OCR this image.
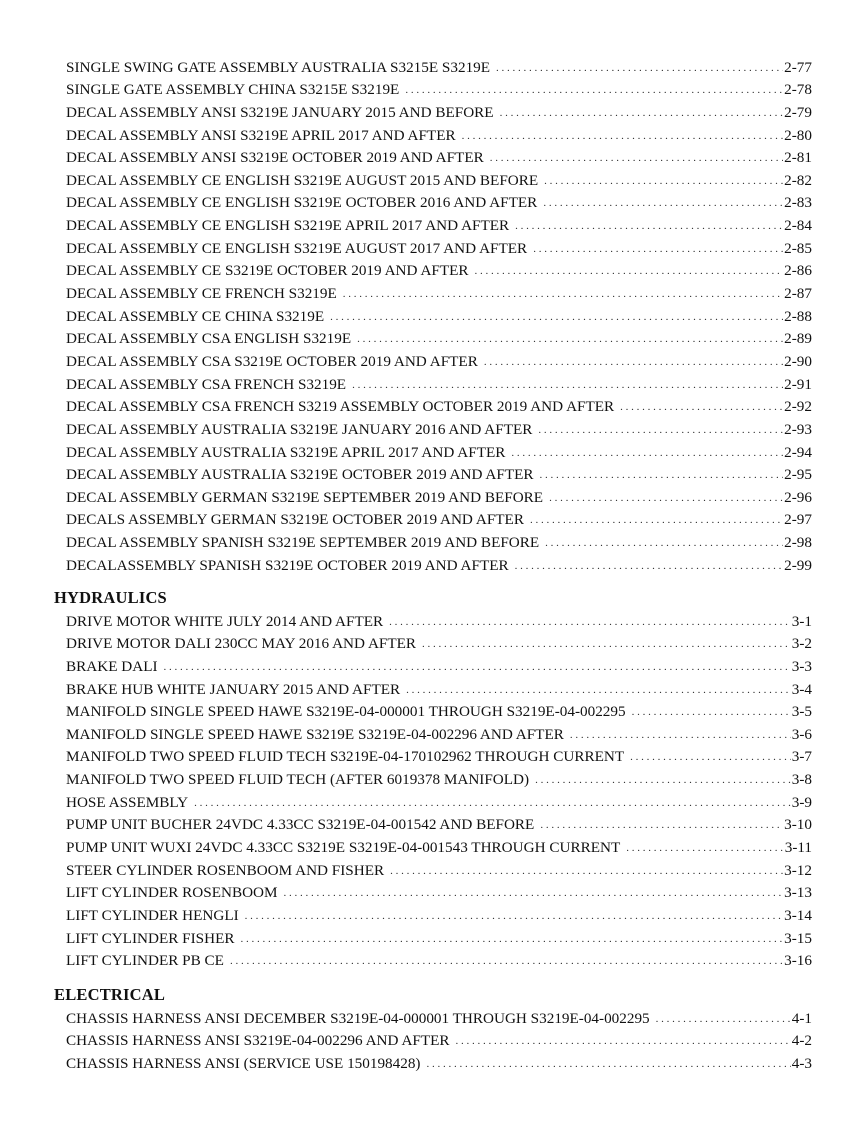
SINGLE SWING GATE ASSEMBLY AUSTRALIA S3215E S3219E . . .	2-77
SINGLE GATE ASSEMBLY CHINA S3215E S3219E . . .	2-78
DECAL ASSEMBLY ANSI S3219E JANUARY 2015 AND BEFORE . . .	2-79
DECAL ASSEMBLY ANSI S3219E APRIL 2017 AND AFTER . . .	2-80
DECAL ASSEMBLY ANSI S3219E OCTOBER 2019 AND AFTER . . .	2-81
DECAL ASSEMBLY CE ENGLISH S3219E AUGUST 2015 AND BEFORE . . .	2-82
DECAL ASSEMBLY CE ENGLISH S3219E OCTOBER 2016 AND AFTER . . .	2-83
DECAL ASSEMBLY CE ENGLISH S3219E APRIL 2017 AND AFTER . . .	2-84
DECAL ASSEMBLY CE ENGLISH S3219E AUGUST 2017 AND AFTER . . .	2-85
DECAL ASSEMBLY CE S3219E OCTOBER 2019 AND AFTER . . .	2-86
DECAL ASSEMBLY CE FRENCH S3219E . . .	2-87
DECAL ASSEMBLY CE CHINA S3219E . . .	2-88
DECAL ASSEMBLY CSA ENGLISH S3219E . . .	2-89
DECAL ASSEMBLY CSA S3219E OCTOBER 2019 AND AFTER . . .	2-90
DECAL ASSEMBLY CSA FRENCH S3219E . . .	2-91
DECAL ASSEMBLY CSA FRENCH S3219 ASSEMBLY OCTOBER 2019 AND AFTER . . .	2-92
DECAL ASSEMBLY AUSTRALIA S3219E JANUARY 2016 AND AFTER . . .	2-93
DECAL ASSEMBLY AUSTRALIA S3219E APRIL 2017 AND AFTER . . .	2-94
DECAL ASSEMBLY AUSTRALIA S3219E OCTOBER 2019 AND AFTER . . .	2-95
DECAL ASSEMBLY GERMAN S3219E SEPTEMBER 2019 AND BEFORE . . .	2-96
DECALS ASSEMBLY GERMAN S3219E OCTOBER 2019 AND AFTER . . .	2-97
DECAL ASSEMBLY SPANISH S3219E SEPTEMBER 2019 AND BEFORE . . .	2-98
DECALASSEMBLY SPANISH S3219E OCTOBER 2019 AND AFTER . . .	2-99
HYDRAULICS
DRIVE MOTOR WHITE JULY 2014 AND AFTER . . .	3-1
DRIVE MOTOR DALI 230CC MAY 2016 AND AFTER . . .	3-2
BRAKE DALI . . .	3-3
BRAKE HUB WHITE JANUARY 2015 AND AFTER . . .	3-4
MANIFOLD SINGLE SPEED HAWE S3219E-04-000001 THROUGH S3219E-04-002295 . . .	3-5
MANIFOLD SINGLE SPEED HAWE S3219E S3219E-04-002296 AND AFTER . . .	3-6
MANIFOLD TWO SPEED FLUID TECH S3219E-04-170102962 THROUGH CURRENT . . .	3-7
MANIFOLD TWO SPEED FLUID TECH (AFTER 6019378 MANIFOLD) . . .	3-8
HOSE ASSEMBLY . . .	3-9
PUMP UNIT BUCHER 24VDC 4.33CC S3219E-04-001542 AND BEFORE . . .	3-10
PUMP UNIT WUXI 24VDC 4.33CC S3219E S3219E-04-001543 THROUGH CURRENT . . .	3-11
STEER CYLINDER ROSENBOOM AND FISHER . . .	3-12
LIFT CYLINDER ROSENBOOM . . .	3-13
LIFT CYLINDER HENGLI . . .	3-14
LIFT CYLINDER FISHER . . .	3-15
LIFT CYLINDER PB CE . . .	3-16
ELECTRICAL
CHASSIS HARNESS ANSI DECEMBER S3219E-04-000001 THROUGH S3219E-04-002295 . . .	4-1
CHASSIS HARNESS ANSI S3219E-04-002296 AND AFTER . . .	4-2
CHASSIS HARNESS ANSI (SERVICE USE 150198428) . . .	4-3
